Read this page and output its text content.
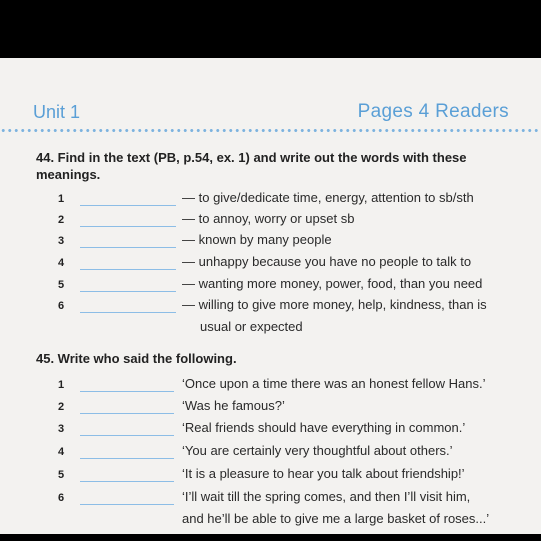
Unit 1	Pages 4 Readers
44. Find in the text (PB, p.54, ex. 1) and write out the words with these
meanings.
1	— to give/dedicate time, energy, attention to sb/sth
2	— to annoy, worry or upset sb
3	— known by many people
4	— unhappy because you have no people to talk to
5	— wanting more money, power, food, than you need
6	— willing to give more money, help, kindness, than is
usual or expected
45. Write who said the following.
1	‘Once upon a time there was an honest fellow Hans.’
2	‘Was he famous?’
3	‘Real friends should have everything in common.’
4	‘You are certainly very thoughtful about others.’
5	‘It is a pleasure to hear you talk about friendship!’
6	‘I’ll wait till the spring comes, and then I’ll visit him,
and he’ll be able to give me a large basket of roses...’
